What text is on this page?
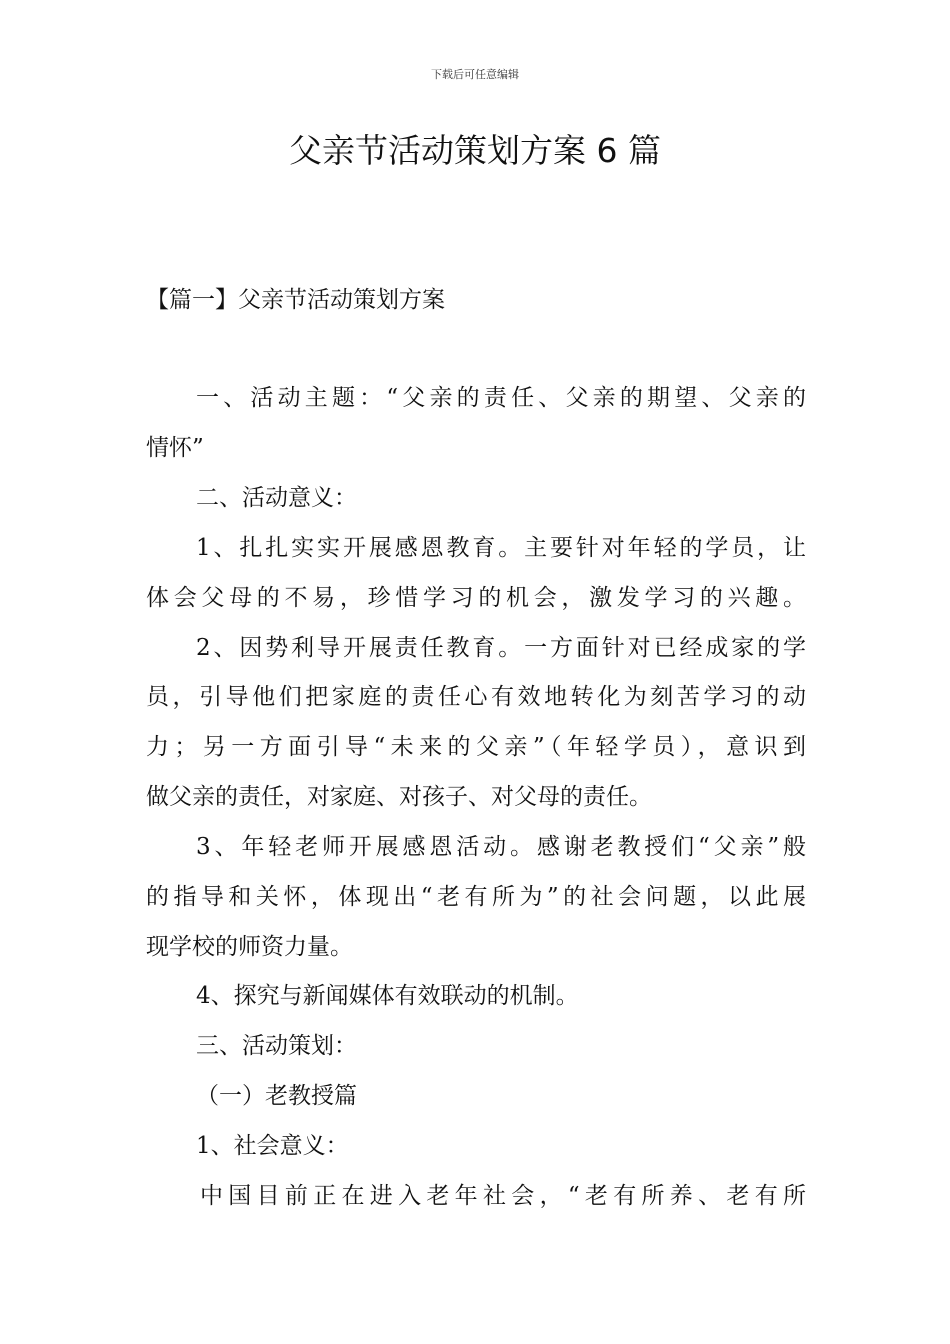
下载后可任意编辑
父亲节活动策划方案 6 篇
【篇一】父亲节活动策划方案
一、活动主题：“父亲的责任、父亲的期望、父亲的
情怀”
二、活动意义：
1、扎扎实实开展感恩教育。主要针对年轻的学员，让
体会父母的不易，珍惜学习的机会，激发学习的兴趣。
2、因势利导开展责任教育。一方面针对已经成家的学
员，引导他们把家庭的责任心有效地转化为刻苦学习的动
力；另一方面引导“未来的父亲”（年轻学员），意识到
做父亲的责任，对家庭、对孩子、对父母的责任。
3、年轻老师开展感恩活动。感谢老教授们“父亲”般
的指导和关怀，体现出“老有所为”的社会问题，以此展
现学校的师资力量。
4、探究与新闻媒体有效联动的机制。
三、活动策划：
（一）老教授篇
1、社会意义：
中国目前正在进入老年社会，“老有所养、老有所
